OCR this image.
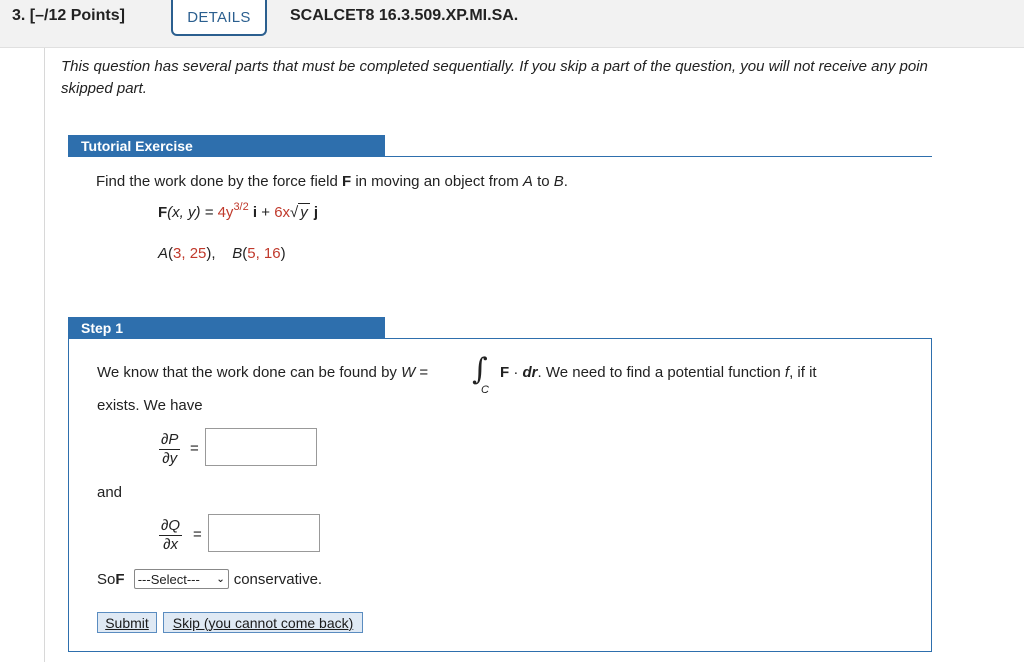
3. [–/12 Points]	DETAILS	SCALCET8 16.3.509.XP.MI.SA.
This question has several parts that must be completed sequentially. If you skip a part of the question, you will not receive any poin
skipped part.
Tutorial Exercise
Find the work done by the force field F in moving an object from A to B.
F(x, $y) = 4y^{3/2}$ i + 6x√ y j
A(3, 25),    B(5, 16)
Step 1
We know that the work done can be found by W = ∫
C
F · dr. We need to find a potential function f, if it
exists. We have
$\frac{\partial P}{\partial y}$ =
and
$\frac{\partial Q}{\partial x}$ =
So F
---Select--- ⌄ conservative.
Submit	Skip (you cannot come back)
